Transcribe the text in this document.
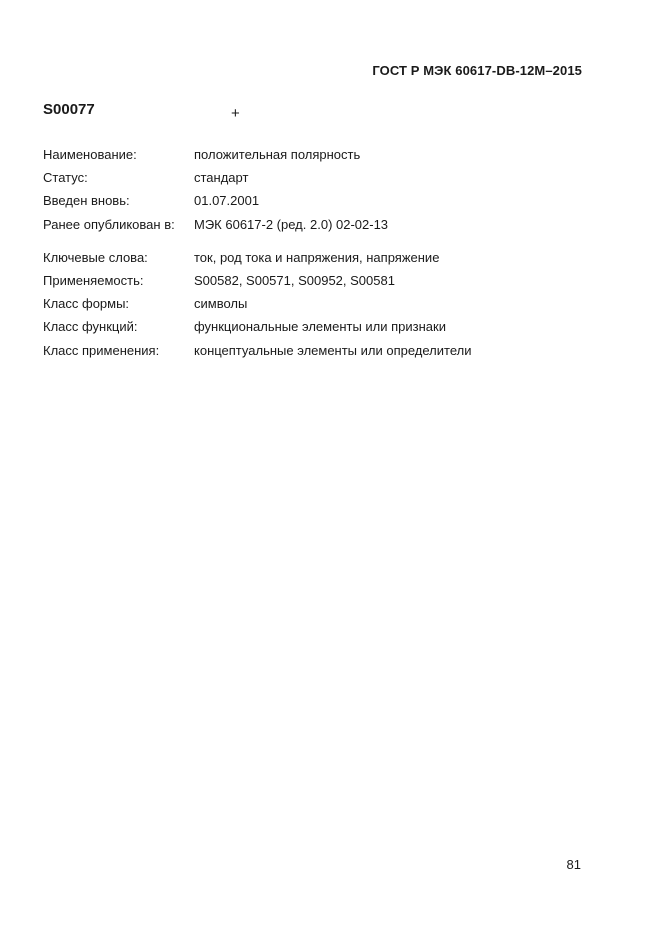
ГОСТ Р МЭК 60617-DB-12M–2015
S00077	+
Наименование:	положительная полярность
Статус:	стандарт
Введен вновь:	01.07.2001
Ранее опубликован в: МЭК 60617-2 (ред. 2.0) 02-02-13
Ключевые слова:	ток, род тока и напряжения, напряжение
Применяемость:	S00582, S00571, S00952, S00581
Класс формы:	символы
Класс функций:	функциональные элементы или признаки
Класс применения:	концептуальные элементы или определители
81
